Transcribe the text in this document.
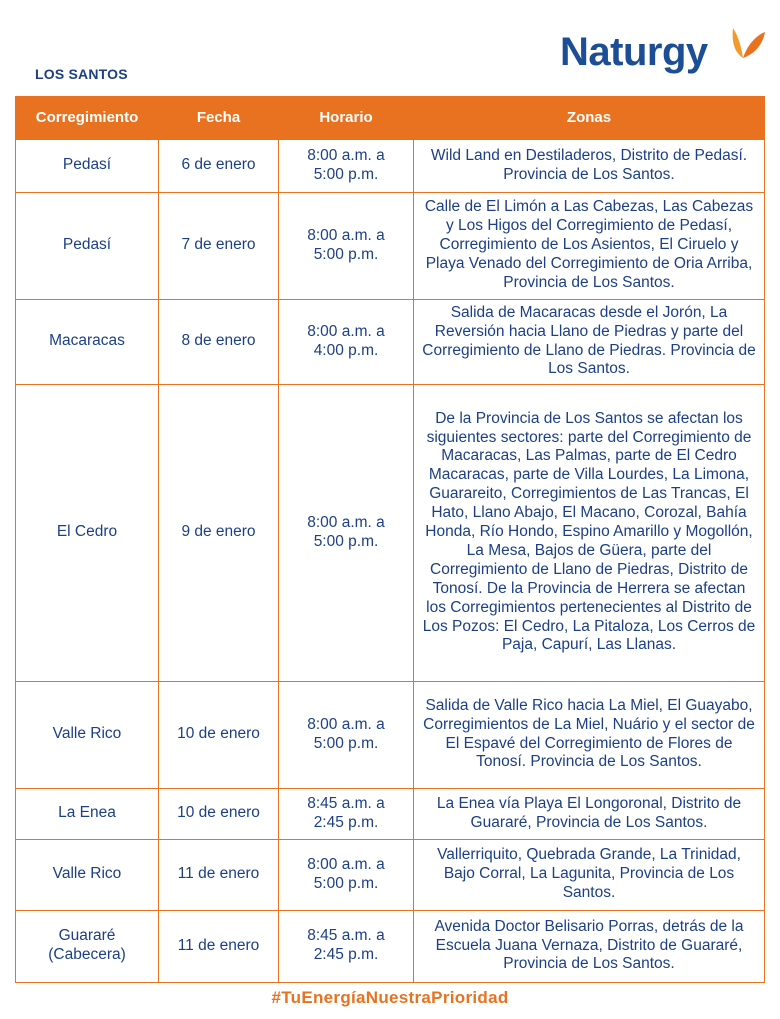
LOS SANTOS	Naturgy
Corregimiento	Fecha	Horario	Zonas
Pedasí	6 de enero	8:00 a.m. a 5:00 p.m.	Wild Land en Destiladeros, Distrito de Pedasí. Provincia de Los Santos.
Pedasí	7 de enero	8:00 a.m. a 5:00 p.m.	Calle de El Limón a Las Cabezas, Las Cabezas y Los Higos del Corregimiento de Pedasí, Corregimiento de Los Asientos, El Ciruelo y Playa Venado del Corregimiento de Oria Arriba, Provincia de Los Santos.
Macaracas	8 de enero	8:00 a.m. a 4:00 p.m.	Salida de Macaracas desde el Jorón, La Reversión hacia Llano de Piedras y parte del Corregimiento de Llano de Piedras. Provincia de Los Santos.
El Cedro	9 de enero	8:00 a.m. a 5:00 p.m.	De la Provincia de Los Santos se afectan los siguientes sectores: parte del Corregimiento de Macaracas, Las Palmas, parte de El Cedro Macaracas, parte de Villa Lourdes, La Limona, Guarareito, Corregimientos de Las Trancas, El Hato, Llano Abajo, El Macano, Corozal, Bahía Honda, Río Hondo, Espino Amarillo y Mogollón, La Mesa, Bajos de Güera, parte del Corregimiento de Llano de Piedras, Distrito de Tonosí. De la Provincia de Herrera se afectan los Corregimientos pertenecientes al Distrito de Los Pozos: El Cedro, La Pitaloza, Los Cerros de Paja, Capurí, Las Llanas.
Valle Rico	10 de enero	8:00 a.m. a 5:00 p.m.	Salida de Valle Rico hacia La Miel, El Guayabo, Corregimientos de La Miel, Nuário y el sector de El Espavé del Corregimiento de Flores de Tonosí. Provincia de Los Santos.
La Enea	10 de enero	8:45 a.m. a 2:45 p.m.	La Enea vía Playa El Longoronal, Distrito de Guararé, Provincia de Los Santos.
Valle Rico	11 de enero	8:00 a.m. a 5:00 p.m.	Vallerriquito, Quebrada Grande, La Trinidad, Bajo Corral, La Lagunita, Provincia de Los Santos.
Guararé (Cabecera)	11 de enero	8:45 a.m. a 2:45 p.m.	Avenida Doctor Belisario Porras, detrás de la Escuela Juana Vernaza, Distrito de Guararé, Provincia de Los Santos.
#TuEnergíaNuestraPrioridad
